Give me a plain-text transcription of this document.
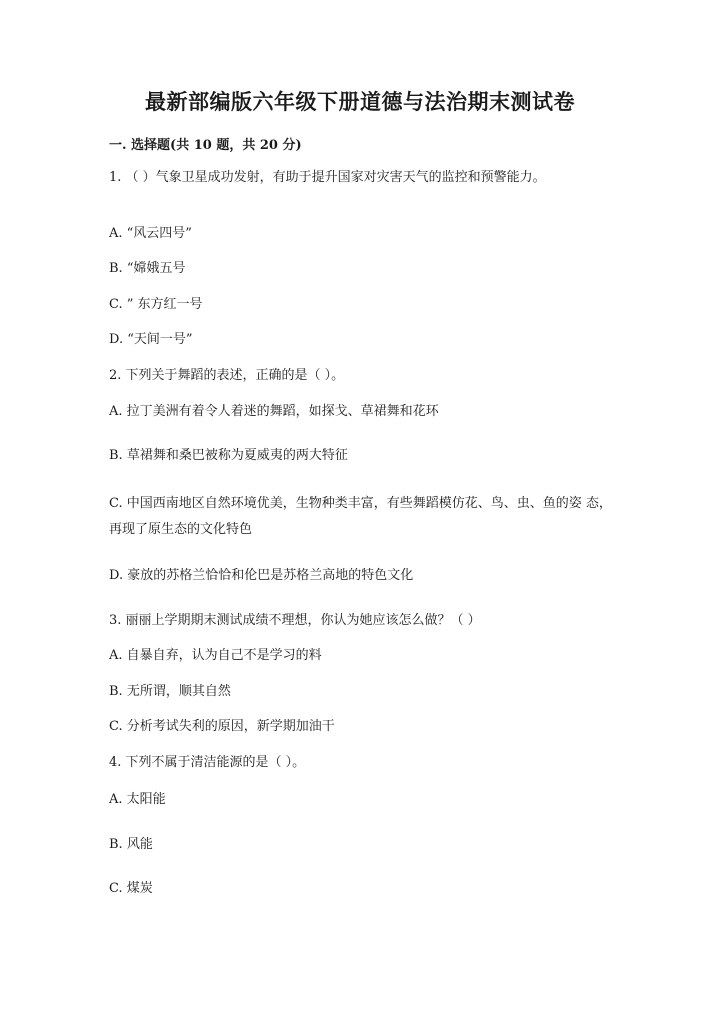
最新部编版六年级下册道德与法治期末测试卷
一. 选择题(共 10 题，共 20 分)
1. （ ）气象卫星成功发射，有助于提升国家对灾害天气的监控和预警能力。
A. “风云四号”
B. “嫦娥五号
C. ” 东方红一号
D. “天间一号”
2. 下列关于舞蹈的表述，正确的是（ ）。
A. 拉丁美洲有着令人着迷的舞蹈，如探戈、草裙舞和花环
B. 草裙舞和桑巴被称为夏威夷的两大特征
C. 中国西南地区自然环境优美，生物种类丰富，有些舞蹈模仿花、鸟、虫、鱼的姿 态，再现了原生态的文化特色
D. 豪放的苏格兰恰恰和伦巴是苏格兰高地的特色文化
3. 丽丽上学期期末测试成绩不理想，你认为她应该怎么做？（ ）
A. 自暴自弃，认为自己不是学习的料
B. 无所谓，顺其自然
C. 分析考试失利的原因，新学期加油干
4. 下列不属于清洁能源的是（ ）。
A. 太阳能
B. 风能
C. 煤炭
